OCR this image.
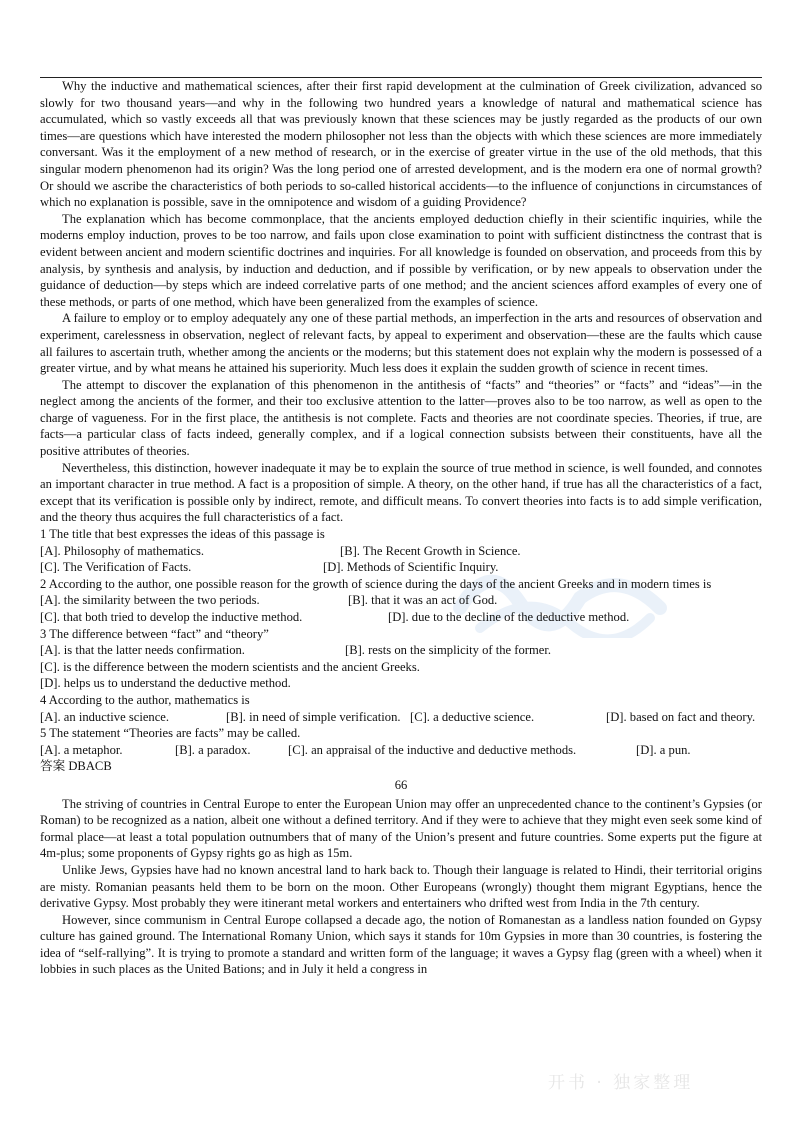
Why the inductive and mathematical sciences, after their first rapid development at the culmination of Greek civilization, advanced so slowly for two thousand years—and why in the following two hundred years a knowledge of natural and mathematical science has accumulated, which so vastly exceeds all that was previously known that these sciences may be justly regarded as the products of our own times—are questions which have interested the modern philosopher not less than the objects with which these sciences are more immediately conversant. Was it the employment of a new method of research, or in the exercise of greater virtue in the use of the old methods, that this singular modern phenomenon had its origin? Was the long period one of arrested development, and is the modern era one of normal growth? Or should we ascribe the characteristics of both periods to so-called historical accidents—to the influence of conjunctions in circumstances of which no explanation is possible, save in the omnipotence and wisdom of a guiding Providence?

The explanation which has become commonplace, that the ancients employed deduction chiefly in their scientific inquiries, while the moderns employ induction, proves to be too narrow, and fails upon close examination to point with sufficient distinctness the contrast that is evident between ancient and modern scientific doctrines and inquiries. For all knowledge is founded on observation, and proceeds from this by analysis, by synthesis and analysis, by induction and deduction, and if possible by verification, or by new appeals to observation under the guidance of deduction—by steps which are indeed correlative parts of one method; and the ancient sciences afford examples of every one of these methods, or parts of one method, which have been generalized from the examples of science.

A failure to employ or to employ adequately any one of these partial methods, an imperfection in the arts and resources of observation and experiment, carelessness in observation, neglect of relevant facts, by appeal to experiment and observation—these are the faults which cause all failures to ascertain truth, whether among the ancients or the moderns; but this statement does not explain why the modern is possessed of a greater virtue, and by what means he attained his superiority. Much less does it explain the sudden growth of science in recent times.

The attempt to discover the explanation of this phenomenon in the antithesis of “facts” and “theories” or “facts” and “ideas”—in the neglect among the ancients of the former, and their too exclusive attention to the latter—proves also to be too narrow, as well as open to the charge of vagueness. For in the first place, the antithesis is not complete. Facts and theories are not coordinate species. Theories, if true, are facts—a particular class of facts indeed, generally complex, and if a logical connection subsists between their constituents, have all the positive attributes of theories.

Nevertheless, this distinction, however inadequate it may be to explain the source of true method in science, is well founded, and connotes an important character in true method. A fact is a proposition of simple. A theory, on the other hand, if true has all the characteristics of a fact, except that its verification is possible only by indirect, remote, and difficult means. To convert theories into facts is to add simple verification, and the theory thus acquires the full characteristics of a fact.

1 The title that best expresses the ideas of this passage is
[A]. Philosophy of mathematics.	[B]. The Recent Growth in Science.
[C]. The Verification of Facts.	[D]. Methods of Scientific Inquiry.
2 According to the author, one possible reason for the growth of science during the days of the ancient Greeks and in modern times is
[A]. the similarity between the two periods.	[B]. that it was an act of God.
[C]. that both tried to develop the inductive method.	[D]. due to the decline of the deductive method.
3 The difference between “fact” and “theory”
[A]. is that the latter needs confirmation.	[B]. rests on the simplicity of the former.
[C]. is the difference between the modern scientists and the ancient Greeks.
[D]. helps us to understand the deductive method.
4 According to the author, mathematics is
[A]. an inductive science.	[B]. in need of simple verification. [C]. a deductive science.	[D]. based on fact and theory.
5 The statement “Theories are facts” may be called.
[A]. a metaphor.	[B]. a paradox.	[C]. an appraisal of the inductive and deductive methods.	[D]. a pun.
答案 DBACB
66

The striving of countries in Central Europe to enter the European Union may offer an unprecedented chance to the continent’s Gypsies (or Roman) to be recognized as a nation, albeit one without a defined territory. And if they were to achieve that they might even seek some kind of formal place—at least a total population outnumbers that of many of the Union’s present and future countries. Some experts put the figure at 4m-plus; some proponents of Gypsy rights go as high as 15m.

Unlike Jews, Gypsies have had no known ancestral land to hark back to. Though their language is related to Hindi, their territorial origins are misty. Romanian peasants held them to be born on the moon. Other Europeans (wrongly) thought them migrant Egyptians, hence the derivative Gypsy. Most probably they were itinerant metal workers and entertainers who drifted west from India in the 7th century.

However, since communism in Central Europe collapsed a decade ago, the notion of Romanestan as a landless nation founded on Gypsy culture has gained ground. The International Romany Union, which says it stands for 10m Gypsies in more than 30 countries, is fostering the idea of “self-rallying”. It is trying to promote a standard and written form of the language; it waves a Gypsy flag (green with a wheel) when it lobbies in such places as the United Bations; and in July it held a congress in

开书 · 独家整理
